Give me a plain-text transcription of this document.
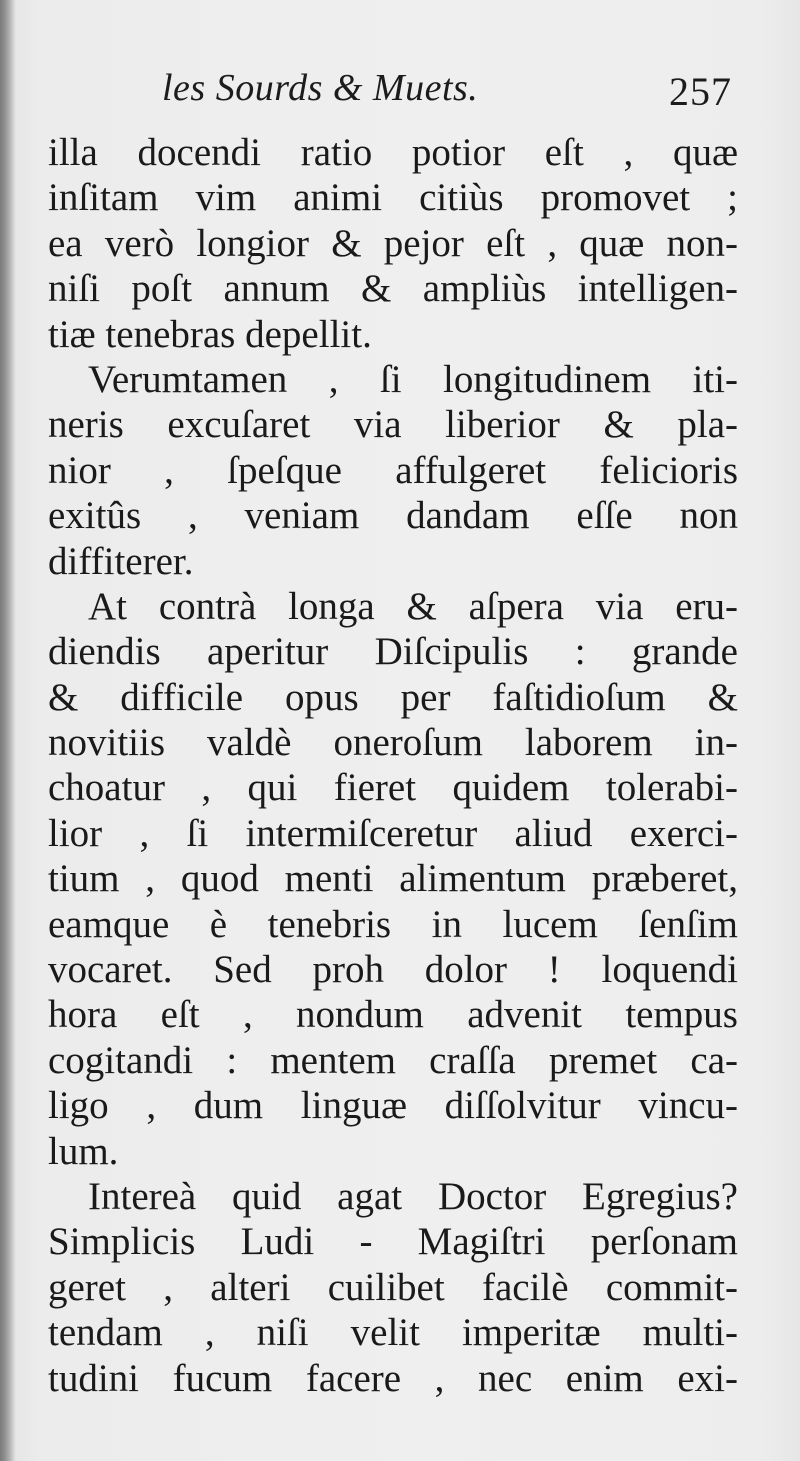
les Sourds & Muets.	257
illa docendi ratio potior eſt , quæ
inſitam vim animi citiùs promovet ;
ea verò longior & pejor eſt , quæ non-
niſi poſt annum & ampliùs intelligen-
tiæ tenebras depellit.
Verumtamen , ſi longitudinem iti-
neris excuſaret via liberior & pla-
nior , ſpeſque affulgeret felicioris
exitûs , veniam dandam eſſe non
diffiterer.
At contrà longa & aſpera via eru-
diendis aperitur Diſcipulis : grande
& difficile opus per faſtidioſum &
novitiis valdè oneroſum laborem in-
choatur , qui fieret quidem tolerabi-
lior , ſi intermiſceretur aliud exerci-
tium , quod menti alimentum præberet,
eamque è tenebris in lucem ſenſim
vocaret. Sed proh dolor ! loquendi
hora eſt , nondum advenit tempus
cogitandi : mentem craſſa premet ca-
ligo , dum linguæ diſſolvitur vincu-
lum.
Intereà quid agat Doctor Egregius?
Simplicis Ludi - Magiſtri perſonam
geret , alteri cuilibet facilè commit-
tendam , niſi velit imperitæ multi-
tudini fucum facere , nec enim exi-
